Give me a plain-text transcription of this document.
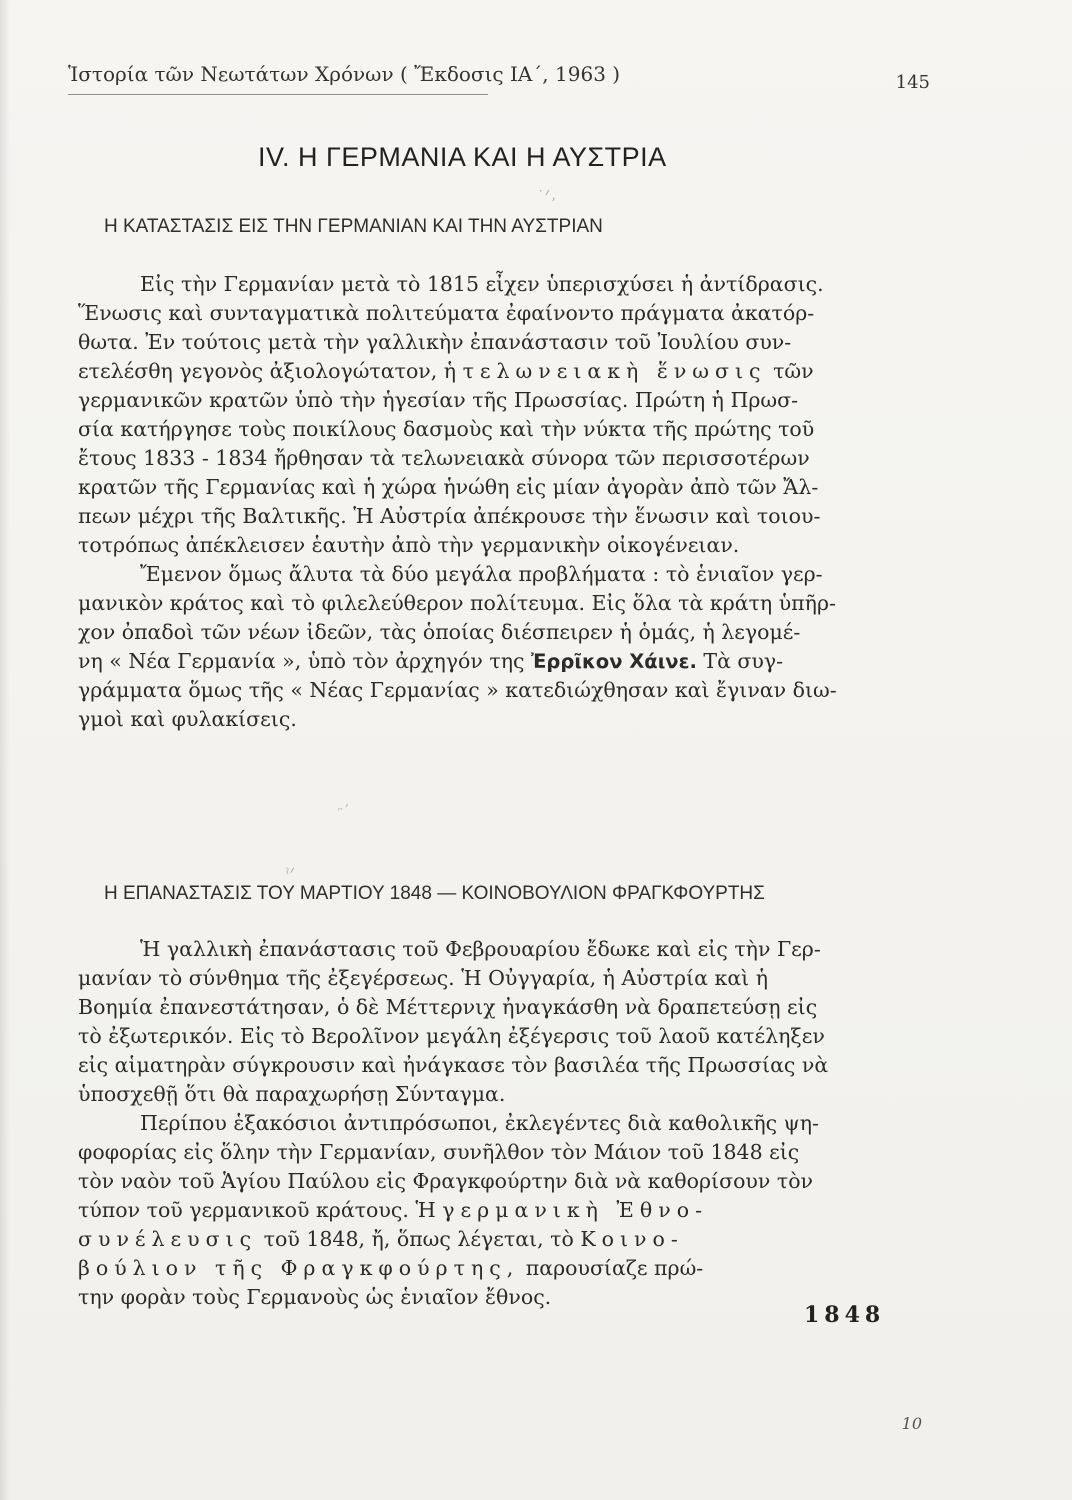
Ἱστορία τῶν Νεωτάτων Χρόνων ( Ἔκδοσις ΙΑ΄, 1963 )	145
IV. Η ΓΕΡΜΑΝΙΑ ΚΑΙ Η ΑΥΣΤΡΙΑ
˙ᐟ‚
Η ΚΑΤΑΣΤΑΣΙΣ ΕΙΣ ΤΗΝ ΓΕΡΜΑΝΙΑΝ ΚΑΙ ΤΗΝ ΑΥΣΤΡΙΑΝ
Εἰς τὴν Γερμανίαν μετὰ τὸ 1815 εἶχεν ὑπερισχύσει ἡ ἀντίδρασις.
Ἕνωσις καὶ συνταγματικὰ πολιτεύματα ἐφαίνοντο πράγματα ἀκατόρ-
θωτα. Ἐν τούτοις μετὰ τὴν γαλλικὴν ἐπανάστασιν τοῦ Ἰουλίου συν-
ετελέσθη γεγονὸς ἀξιολογώτατον, ἡ τελωνειακὴ ἕνωσις τῶν
γερμανικῶν κρατῶν ὑπὸ τὴν ἡγεσίαν τῆς Πρωσσίας. Πρώτη ἡ Πρωσ-
σία κατήργησε τοὺς ποικίλους δασμοὺς καὶ τὴν νύκτα τῆς πρώτης τοῦ
ἔτους 1833 - 1834 ἤρθησαν τὰ τελωνειακὰ σύνορα τῶν περισσοτέρων
κρατῶν τῆς Γερμανίας καὶ ἡ χώρα ἡνώθη εἰς μίαν ἀγορὰν ἀπὸ τῶν Ἄλ-
πεων μέχρι τῆς Βαλτικῆς. Ἡ Αὐστρία ἀπέκρουσε τὴν ἕνωσιν καὶ τοιου-
τοτρόπως ἀπέκλεισεν ἑαυτὴν ἀπὸ τὴν γερμανικὴν οἰκογένειαν.
Ἔμενον ὅμως ἄλυτα τὰ δύο μεγάλα προβλήματα : τὸ ἑνιαῖον γερ-
μανικὸν κράτος καὶ τὸ φιλελεύθερον πολίτευμα. Εἰς ὅλα τὰ κράτη ὑπῆρ-
χον ὀπαδοὶ τῶν νέων ἰδεῶν, τὰς ὁποίας διέσπειρεν ἡ ὁμάς, ἡ λεγομέ-
νη « Νέα Γερμανία », ὑπὸ τὸν ἀρχηγόν της Ἐρρῖκον Χάινε. Τὰ συγ-
γράμματα ὅμως τῆς « Νέας Γερμανίας » κατεδιώχθησαν καὶ ἔγιναν διω-
γμοὶ καὶ φυλακίσεις.
ᵔˊ
ˀᐟ
Η ΕΠΑΝΑΣΤΑΣΙΣ ΤΟΥ ΜΑΡΤΙΟΥ 1848 — ΚΟΙΝΟΒΟΥΛΙΟΝ ΦΡΑΓΚΦΟΥΡΤΗΣ
Ἡ γαλλικὴ ἐπανάστασις τοῦ Φεβρουαρίου ἔδωκε καὶ εἰς τὴν Γερ-
μανίαν τὸ σύνθημα τῆς ἐξεγέρσεως. Ἡ Οὐγγαρία, ἡ Αὐστρία καὶ ἡ
Βοημία ἐπανεστάτησαν, ὁ δὲ Μέττερνιχ ἠναγκάσθη νὰ δραπετεύσῃ εἰς
τὸ ἐξωτερικόν. Εἰς τὸ Βερολῖνον μεγάλη ἐξέγερσις τοῦ λαοῦ κατέληξεν
εἰς αἱματηρὰν σύγκρουσιν καὶ ἠνάγκασε τὸν βασιλέα τῆς Πρωσσίας νὰ
ὑποσχεθῇ ὅτι θὰ παραχωρήσῃ Σύνταγμα.
Περίπου ἑξακόσιοι ἀντιπρόσωποι, ἐκλεγέντες διὰ καθολικῆς ψη-
φοφορίας εἰς ὅλην τὴν Γερμανίαν, συνῆλθον τὸν Μάιον τοῦ 1848 εἰς
τὸν ναὸν τοῦ Ἁγίου Παύλου εἰς Φραγκφούρτην διὰ νὰ καθορίσουν τὸν
τύπον τοῦ γερμανικοῦ κράτους. Ἡ γερμανικὴ Ἐθνο-
συνέλευσις τοῦ 1848, ἤ, ὅπως λέγεται, τὸ Κοινο-
βούλιον τῆς Φραγκφούρτης, παρουσίαζε πρώ-
την φορὰν τοὺς Γερμανοὺς ὡς ἑνιαῖον ἔθνος.
1848
10
